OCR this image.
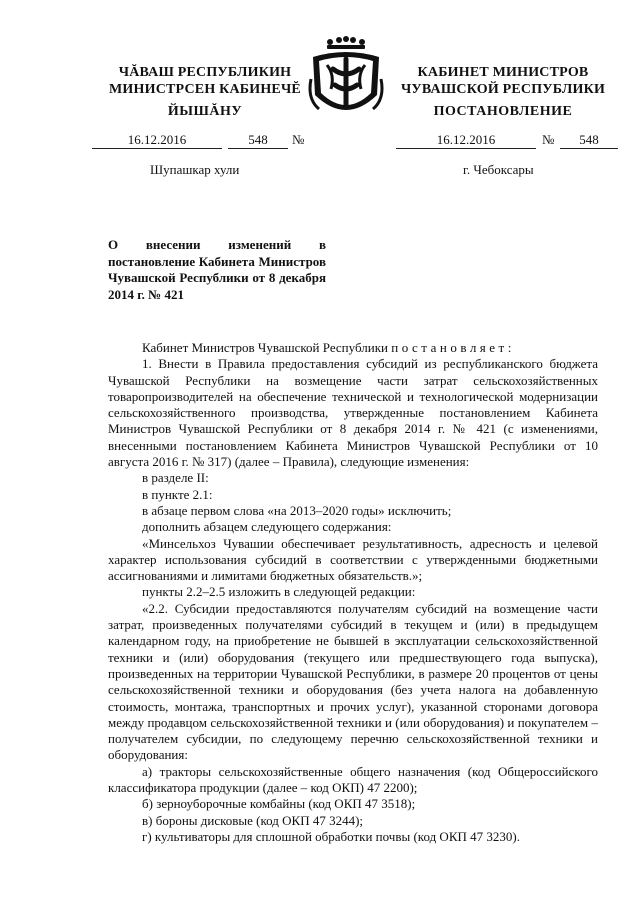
ЧĂВАШ РЕСПУБЛИКИН
МИНИСТРСЕН КАБИНЕЧĔ
ЙЫШĂНУ
КАБИНЕТ МИНИСТРОВ
ЧУВАШСКОЙ РЕСПУБЛИКИ
ПОСТАНОВЛЕНИЕ
16.12.2016	548	№	16.12.2016	№	548
Шупашкар хули	г. Чебоксары
О внесении изменений в постановление Кабинета Министров Чувашской Республики от 8 декабря 2014 г. № 421

Кабинет Министров Чувашской Республики постановляет:

1. Внести в Правила предоставления субсидий из республиканского бюджета Чувашской Республики на возмещение части затрат сельскохозяйственных товаропроизводителей на обеспечение технической и технологической модернизации сельскохозяйственного производства, утвержденные постановлением Кабинета Министров Чувашской Республики от 8 декабря 2014 г. № 421 (с изменениями, внесенными постановлением Кабинета Министров Чувашской Республики от 10 августа 2016 г. № 317) (далее – Правила), следующие изменения:

в разделе II:

в пункте 2.1:

в абзаце первом слова «на 2013–2020 годы» исключить;

дополнить абзацем следующего содержания:

«Минсельхоз Чувашии обеспечивает результативность, адресность и целевой характер использования субсидий в соответствии с утвержденными бюджетными ассигнованиями и лимитами бюджетных обязательств.»;

пункты 2.2–2.5 изложить в следующей редакции:

«2.2. Субсидии предоставляются получателям субсидий на возмещение части затрат, произведенных получателями субсидий в текущем и (или) в предыдущем календарном году, на приобретение не бывшей в эксплуатации сельскохозяйственной техники и (или) оборудования (текущего или предшествующего года выпуска), произведенных на территории Чувашской Республики, в размере 20 процентов от цены сельскохозяйственной техники и оборудования (без учета налога на добавленную стоимость, монтажа, транспортных и прочих услуг), указанной сторонами договора между продавцом сельскохозяйственной техники и (или оборудования) и покупателем – получателем субсидии, по следующему перечню сельскохозяйственной техники и оборудования:

а) тракторы сельскохозяйственные общего назначения (код Общероссийского классификатора продукции (далее – код ОКП) 47 2200);

б) зерноуборочные комбайны (код ОКП 47 3518);

в) бороны дисковые (код ОКП 47 3244);

г) культиваторы для сплошной обработки почвы (код ОКП 47 3230).
